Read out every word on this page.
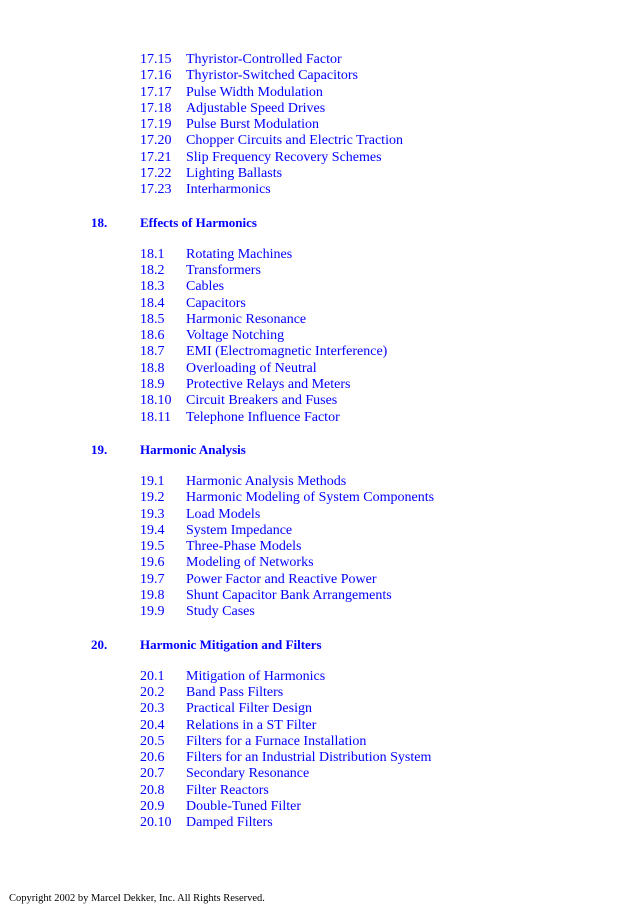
17.15 Thyristor-Controlled Factor
17.16 Thyristor-Switched Capacitors
17.17 Pulse Width Modulation
17.18 Adjustable Speed Drives
17.19 Pulse Burst Modulation
17.20 Chopper Circuits and Electric Traction
17.21 Slip Frequency Recovery Schemes
17.22 Lighting Ballasts
17.23 Interharmonics
18.	Effects of Harmonics
18.1 Rotating Machines
18.2 Transformers
18.3 Cables
18.4 Capacitors
18.5 Harmonic Resonance
18.6 Voltage Notching
18.7 EMI (Electromagnetic Interference)
18.8 Overloading of Neutral
18.9 Protective Relays and Meters
18.10 Circuit Breakers and Fuses
18.11 Telephone Influence Factor
19.	Harmonic Analysis
19.1 Harmonic Analysis Methods
19.2 Harmonic Modeling of System Components
19.3 Load Models
19.4 System Impedance
19.5 Three-Phase Models
19.6 Modeling of Networks
19.7 Power Factor and Reactive Power
19.8 Shunt Capacitor Bank Arrangements
19.9 Study Cases
20.	Harmonic Mitigation and Filters
20.1 Mitigation of Harmonics
20.2 Band Pass Filters
20.3 Practical Filter Design
20.4 Relations in a ST Filter
20.5 Filters for a Furnace Installation
20.6 Filters for an Industrial Distribution System
20.7 Secondary Resonance
20.8 Filter Reactors
20.9 Double-Tuned Filter
20.10 Damped Filters
Copyright 2002 by Marcel Dekker, Inc. All Rights Reserved.
